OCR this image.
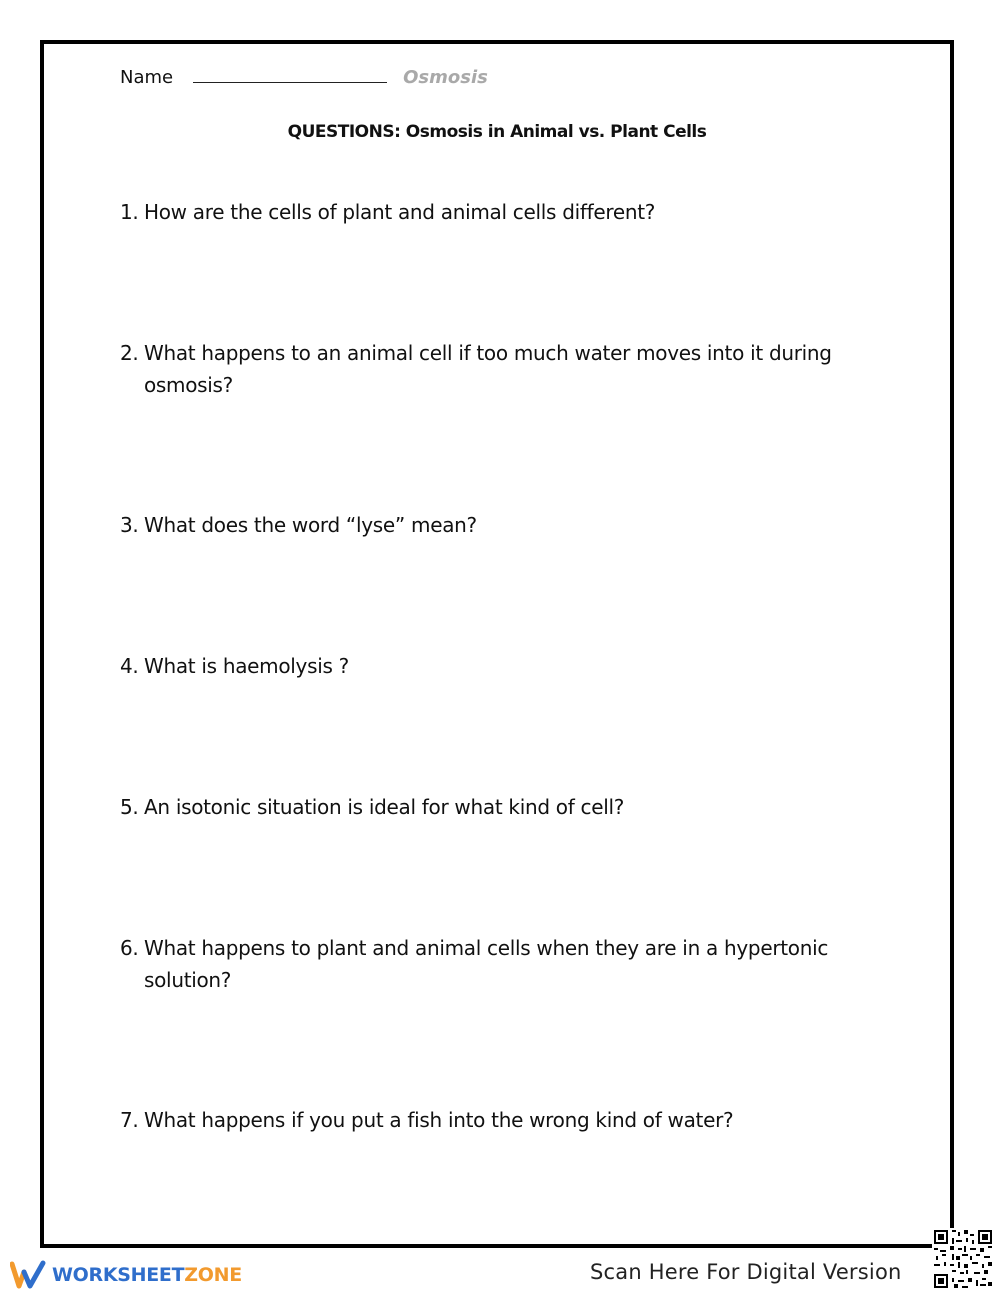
Name	Osmosis
QUESTIONS: Osmosis in Animal vs. Plant Cells
1. How are the cells of plant and animal cells different?
2. What happens to an animal cell if too much water moves into it during osmosis?
3. What does the word “lyse” mean?
4. What is haemolysis ?
5. An isotonic situation is ideal for what kind of cell?
6. What happens to plant and animal cells when they are in a hypertonic solution?
7. What happens if you put a fish into the wrong kind of water?
WORKSHEETZONE	Scan Here For Digital Version
